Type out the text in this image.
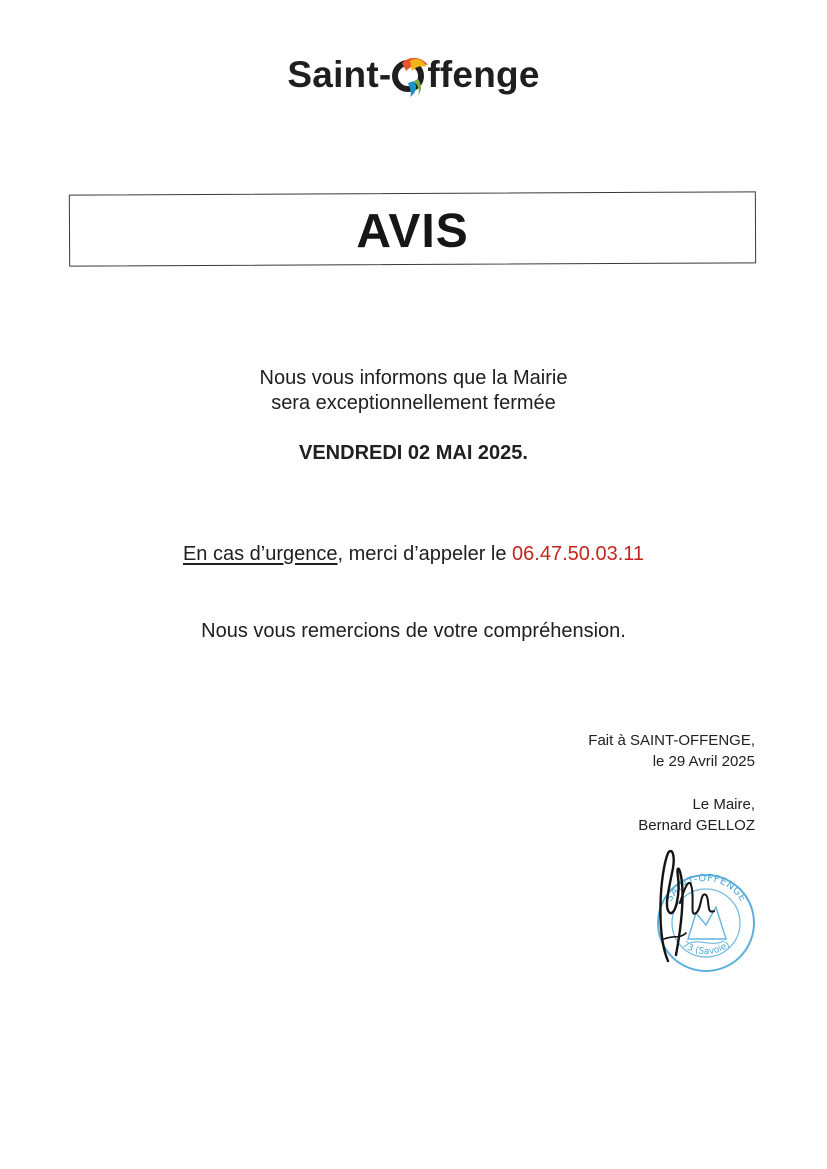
Saint- ffenge
AVIS
Nous vous informons que la Mairie
sera exceptionnellement fermée
VENDREDI 02 MAI 2025.
En cas d’urgence, merci d’appeler le 06.47.50.03.11
Nous vous remercions de votre compréhension.
Fait à SAINT-OFFENGE,
le 29 Avril 2025
Le Maire,
Bernard GELLOZ
SAINT-OFFENGE
73 (Savoie)
